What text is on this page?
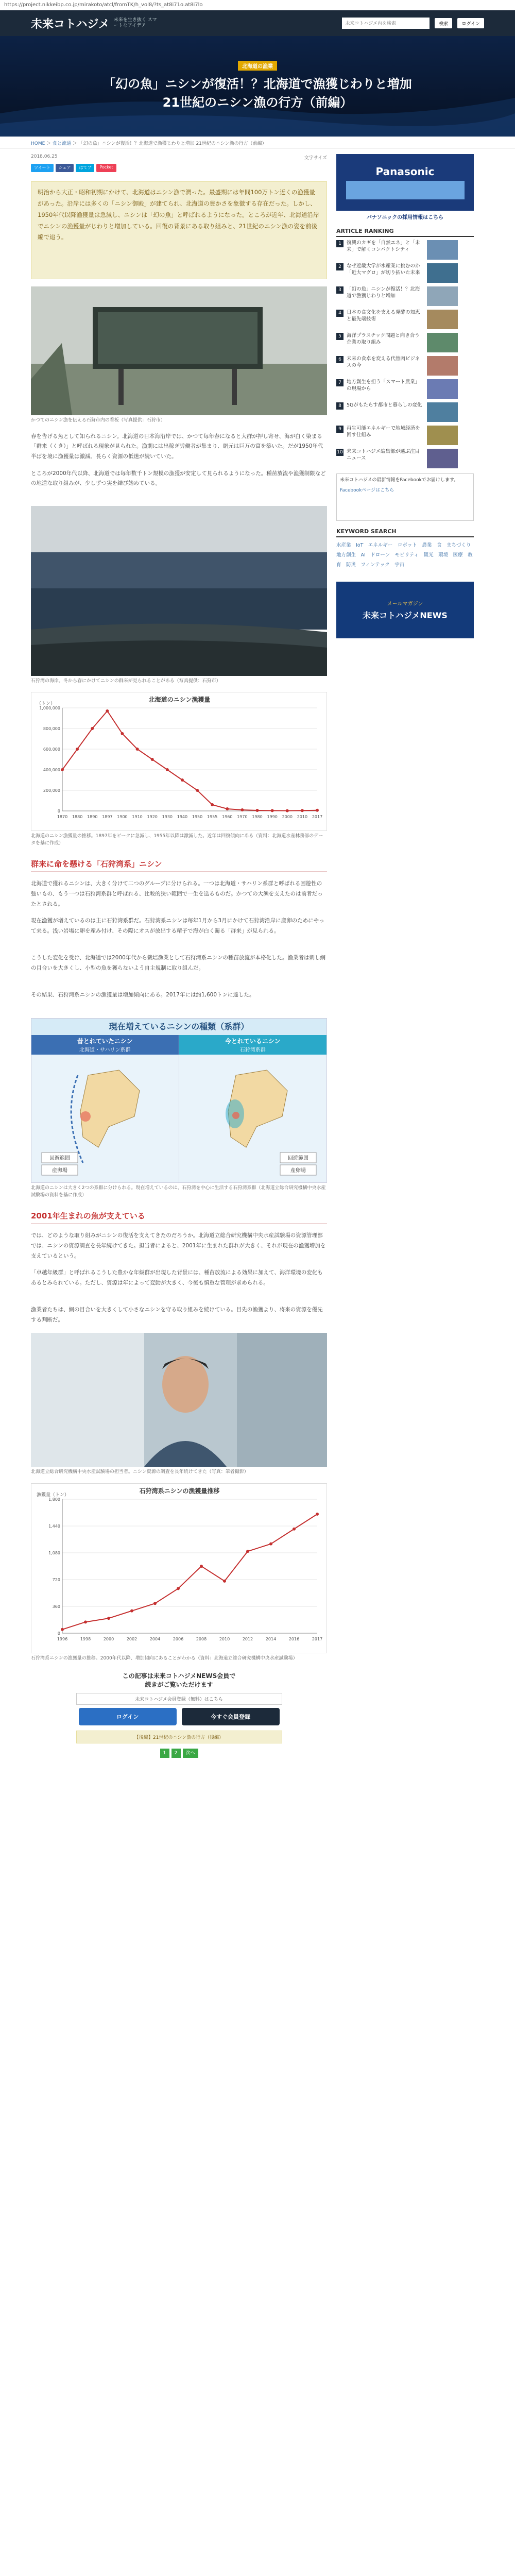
https://project.nikkeibp.co.jp/mirakoto/atcl/fromTK/h_vol8/?ts_at8i71o.at8i7lo
未来コトハジメ 未来を生き抜く スマートなアイデア
未来コトハジメ内を検索	検索	ログイン
北海道の漁業
「幻の魚」ニシンが復活！？北海道で漁獲じわりと増加
21世紀のニシン漁の行方（前編）
HOME ＞ 食と流通 ＞ 「幻の魚」ニシンが復活！？北海道で漁獲じわりと増加 21世紀のニシン漁の行方（前編）
2018.06.25	文字サイズ
ツイート	シェア	はてブ	Pocket
明治から大正・昭和初期にかけて、北海道はニシン漁で潤った。最盛期には年間100万トン近くの漁獲量があった。沿岸には多くの「ニシン御殿」が建てられ、北海道の豊かさを象徴する存在だった。しかし、1950年代以降漁獲量は急減し、ニシンは「幻の魚」と呼ばれるようになった。ところが近年、北海道沿岸でニシンの漁獲量がじわりと増加している。回復の背景にある取り組みと、21世紀のニシン漁の姿を前後編で追う。
かつてのニシン漁を伝える石狩市内の看板（写真提供：石狩市）
春を告げる魚として知られるニシン。北海道の日本海沿岸では、かつて毎年春になると大群が押し寄せ、海が白く染まる「群来（くき）」と呼ばれる現象が見られた。漁期には出稼ぎ労働者が集まり、網元は巨万の富を築いた。だが1950年代半ばを境に漁獲量は激減。長らく資源の低迷が続いていた。
ところが2000年代以降、北海道では毎年数千トン規模の漁獲が安定して見られるようになった。種苗放流や漁獲制限などの地道な取り組みが、少しずつ実を結び始めている。
石狩湾の海岸。冬から春にかけてニシンの群来が見られることがある（写真提供：石狩市）
北海道のニシン漁獲量
（トン）
0
200,000
400,000
600,000
800,000
1,000,000
1870 1880 1890 1897 1900 1910 1920 1930 1940 1950 1955 1960 1970 1980 1990 2000 2010 2017
北海道のニシン漁獲量の推移。1897年をピークに急減し、1955年以降は激減した。近年は回復傾向にある（資料：北海道水産林務部のデータを基に作成）
群来に命を懸ける「石狩湾系」ニシン
北海道で獲れるニシンは、大きく分けて二つのグループに分けられる。一つは北海道・サハリン系群と呼ばれる回遊性の強いもの、もう一つは石狩湾系群と呼ばれる、比較的狭い範囲で一生を送るものだ。かつての大漁を支えたのは前者だったとされる。
現在漁獲が増えているのは主に石狩湾系群だ。石狩湾系ニシンは毎年1月から3月にかけて石狩湾沿岸に産卵のためにやって来る。浅い岩場に卵を産み付け、その際にオスが放出する精子で海が白く濁る「群来」が見られる。
こうした変化を受け、北海道では2000年代から栽培漁業として石狩湾系ニシンの種苗放流が本格化した。漁業者は刺し網の目合いを大きくし、小型の魚を獲らないよう自主規制に取り組んだ。
その結果、石狩湾系ニシンの漁獲量は増加傾向にある。2017年には約1,600トンに達した。
現在増えているニシンの種類（系群）
昔とれていたニシン
北海道・サハリン系群
回遊範囲
産卵場
今とれているニシン
石狩湾系群
回遊範囲
産卵場
北海道のニシンは大きく2つの系群に分けられる。現在増えているのは、石狩湾を中心に生活する石狩湾系群（北海道立総合研究機構中央水産試験場の資料を基に作成）
2001年生まれの魚が支えている
では、どのような取り組みがニシンの復活を支えてきたのだろうか。北海道立総合研究機構中央水産試験場の資源管理部では、ニシンの資源調査を長年続けてきた。担当者によると、2001年に生まれた群れが大きく、それが現在の漁獲増加を支えているという。
「卓越年級群」と呼ばれるこうした豊かな年級群が出現した背景には、種苗放流による効果に加えて、海洋環境の変化もあるとみられている。ただし、資源は年によって変動が大きく、今後も慎重な管理が求められる。
漁業者たちは、網の目合いを大きくして小さなニシンを守る取り組みを続けている。目先の漁獲より、将来の資源を優先する判断だ。
北海道立総合研究機構中央水産試験場の担当者。ニシン資源の調査を長年続けてきた（写真：筆者撮影）
石狩湾系ニシンの漁獲量推移
漁獲量（トン）
0
360
720
1,080
1,440
1,800
1996	1998	2000	2002	2004	2006	2008	2010	2012	2014	2016	2017
石狩湾系ニシンの漁獲量の推移。2000年代以降、増加傾向にあることがわかる（資料：北海道立総合研究機構中央水産試験場）
この記事は未来コトハジメNEWS会員で
続きがご覧いただけます
未来コトハジメ会員登録（無料）はこちら
ログイン	今すぐ会員登録
【後編】21世紀のニシン漁の行方（後編）
1	2	次へ
Panasonic
パナソニックの採用情報はこちら
ARTICLE RANKING
1	復興のカギを「自然エネ」と「未来」で解くコンパクトシティ
2	なぜ近畿大学が水産業に挑むのか「近大マグロ」が切り拓いた未来
3	「幻の魚」ニシンが復活！？北海道で漁獲じわりと増加
4	日本の食文化を支える発酵の知恵と最先端技術
5	海洋プラスチック問題と向き合う企業の取り組み
6	未来の食卓を変える代替肉ビジネスの今
7	地方創生を担う「スマート農業」の現場から
8	5Gがもたらす都市と暮らしの変化
9	再生可能エネルギーで地域経済を回す仕組み
10 未来コトハジメ編集部が選ぶ注目ニュース
未来コトハジメの最新情報をFacebookでお届けします。
Facebookページはこちら
KEYWORD SEARCH
水産業　IoT　エネルギー　ロボット　農業　食　まちづくり　地方創生　AI　ドローン　モビリティ　観光　環境　医療　教育　防災　フィンテック　宇宙
メールマガジン
未来コトハジメNEWS
